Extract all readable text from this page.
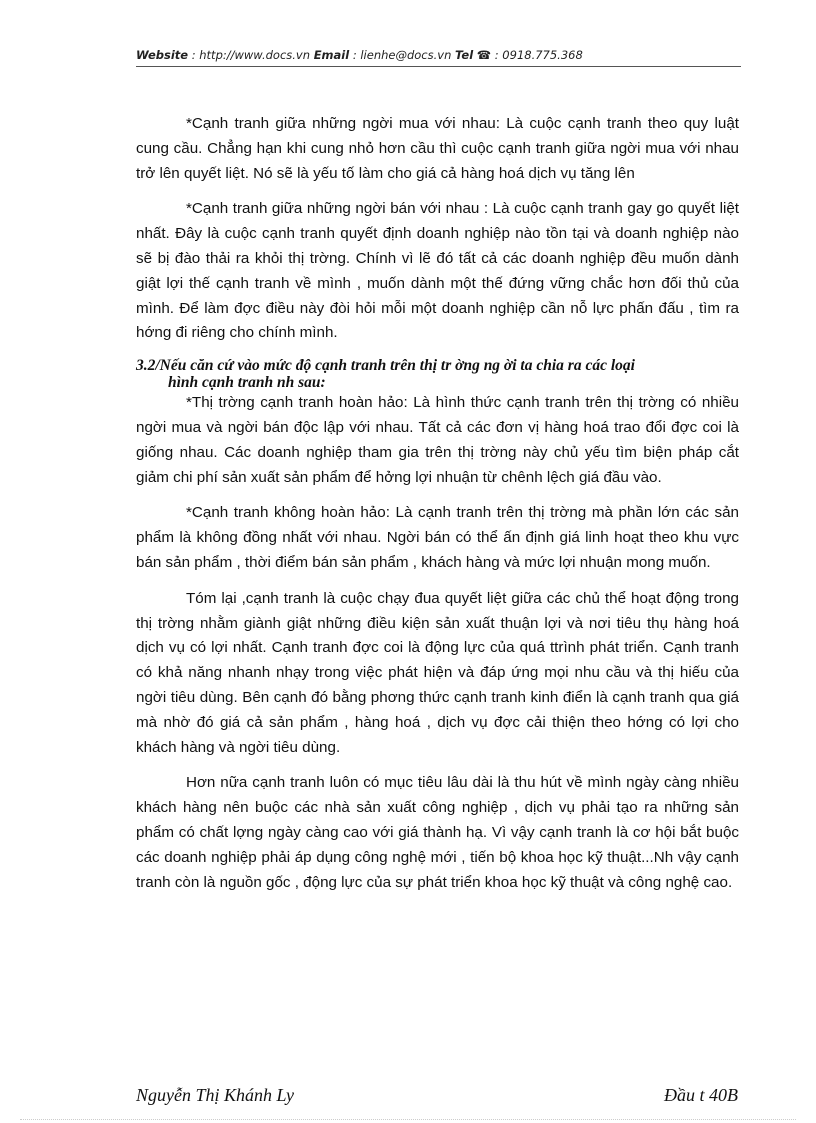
Website : http://www.docs.vn Email : lienhe@docs.vn Tel ☎ : 0918.775.368

*Cạnh tranh giữa những ngời mua với nhau: Là cuộc cạnh tranh theo quy luật cung cầu. Chẳng hạn khi cung nhỏ hơn cầu thì cuộc cạnh tranh giữa ngời mua với nhau trở lên quyết liệt. Nó sẽ là yếu tố làm cho giá cả hàng hoá dịch vụ tăng lên

*Cạnh tranh giữa những ngời bán với nhau : Là cuộc cạnh tranh gay go quyết liệt nhất. Đây là cuộc cạnh tranh quyết định doanh nghiệp nào tồn tại và doanh nghiệp nào sẽ bị đào thải ra khỏi thị trờng. Chính vì lẽ đó tất cả các doanh nghiệp đều muốn dành giật lợi thế cạnh tranh về mình , muốn dành một thế đứng vững chắc hơn đối thủ của mình. Để làm đợc điều này đòi hỏi mỗi một doanh nghiệp cần nỗ lực phấn đấu , tìm ra hớng đi riêng cho chính mình.

3.2/Nếu căn cứ vào mức độ cạnh tranh trên thị tr ờng ng ời ta chia ra các loại
hình cạnh tranh nh sau:

*Thị trờng cạnh tranh hoàn hảo: Là hình thức cạnh tranh trên thị trờng có nhiều ngời mua và ngời bán độc lập với nhau. Tất cả các đơn vị hàng hoá trao đổi đợc coi là giống nhau. Các doanh nghiệp tham gia trên thị trờng này chủ yếu tìm biện pháp cắt giảm chi phí sản xuất sản phẩm để hởng lợi nhuận từ chênh lệch giá đầu vào.

*Cạnh tranh không hoàn hảo: Là cạnh tranh trên thị trờng mà phần lớn các sản phẩm là không đồng nhất với nhau. Ngời bán có thể ấn định giá linh hoạt theo khu vực bán sản phẩm , thời điểm bán sản phẩm , khách hàng và mức lợi nhuận mong muốn.

Tóm lại ,cạnh tranh là cuộc chạy đua quyết liệt giữa các chủ thể hoạt động trong thị trờng nhằm giành giật những điều kiện sản xuất thuận lợi và nơi tiêu thụ hàng hoá dịch vụ có lợi nhất. Cạnh tranh đợc coi là động lực của quá ttrình phát triển. Cạnh tranh có khả năng nhanh nhạy trong việc phát hiện và đáp ứng mọi nhu cầu và thị hiếu của ngời tiêu dùng. Bên cạnh đó bằng phơng thức cạnh tranh kinh điển là cạnh tranh qua giá mà nhờ đó giá cả sản phẩm , hàng hoá , dịch vụ đợc cải thiện theo hớng có lợi cho khách hàng và ngời tiêu dùng.

Hơn nữa cạnh tranh luôn có mục tiêu lâu dài là thu hút về mình ngày càng nhiều khách hàng nên buộc các nhà sản xuất công nghiệp , dịch vụ phải tạo ra những sản phẩm có chất lợng ngày càng cao với giá thành hạ. Vì vậy cạnh tranh là cơ hội bắt buộc các doanh nghiệp phải áp dụng công nghệ mới , tiến bộ khoa học kỹ thuật...Nh vậy cạnh tranh còn là nguồn gốc , động lực của sự phát triển khoa học kỹ thuật và công nghệ cao.

Nguyễn Thị Khánh Ly	Đầu t 40B
